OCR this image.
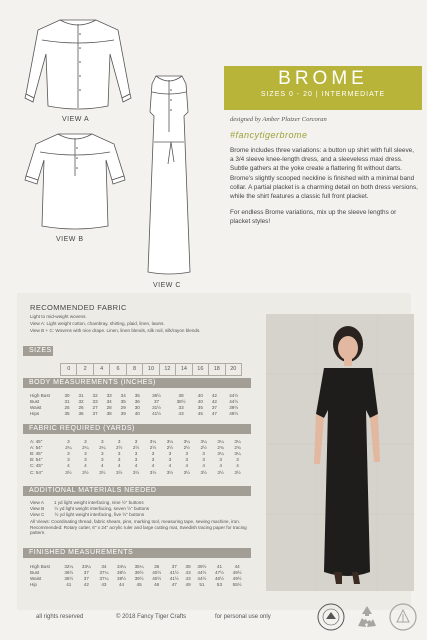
VIEW A
VIEW B
VIEW C
BROME
SIZES 0 - 20 | INTERMEDIATE
designed by Amber Platzer Corcoran
#fancytigerbrome

Brome includes three variations: a button up shirt with full sleeve, a 3/4 sleeve knee-length dress, and a sleeveless maxi dress. Subtle gathers at the yoke create a flattering fit without darts. Brome's slightly scooped neckline is finished with a minimal band collar. A partial placket is a charming detail on both dress versions, while the shirt features a classic full front placket.

For endless Brome variations, mix up the sleeve lengths or placket styles!

RECOMMENDED FABRIC
Light to mid-weight wovens.
View A: Light weight cotton, chambray, shirting, plaid, linen, lawns.
View B + C: Wovens with nice drape. Linen, linen blends, silk noil, silk/rayon blends.
SIZES
0	2	4	6	8	10	12	14	16	18	20
BODY MEASUREMENTS (INCHES)
High Bust	30	31	32	33	34	35	36½	38	40	42	44½
Bust	31	32	33	34	35	36	37	38½	40	42	44½
Waist	25	26	27	28	29	30	31½	33	35	37	39½
Hips	35	36	37	38	39	40	41½	43	45	47	49½
FABRIC REQUIRED (YARDS)
A: 45"	3	3	3	3	3	3¼	3¼	3¼	3¼	3¼	3¼
A: 54"	2¼	2¼	2¼	2½	2½	2½	2½	2½	2½	2¾	2¾
B: 45"	3	3	3	3	3	3	3	3	3	3¼	3¼
B: 54"	3	3	3	3	3	3	3	3	3	3	3
C: 45"	4	4	4	4	4	4	4	4	4	4	4
C: 54"	3½	3½	3½	3½	3½	3½	3½	3½	3½	3½	3½
ADDITIONAL MATERIALS NEEDED
View A        1 yd light weight interfacing, nine ½" buttons
View B        ½ yd light weight interfacing, seven ½" buttons
View C        ½ yd light weight interfacing, five ½" buttons
All Views: Coordinating thread, fabric shears, pins, marking tool, measuring tape, sewing machine, iron. Recommended: Rotary cutter, 6" x 24" acrylic ruler and large cutting mat, Swedish tracing paper for tracing pattern.
FINISHED MEASUREMENTS
High Bust	32¼	33¼	34	34¼	35¼	36	37	38	39½	41	44
Bust	36½	37	37¼	38½	39½	40½	41½	43	44½	47½	49½
Waist	36½	37	37¼	38½	39½	40½	41½	43	44½	46½	49½
Hip	41	42	43	44	45	46	47	49	51	53	55½
all rights reserved	© 2018 Fancy Tiger Crafts	for personal use only
